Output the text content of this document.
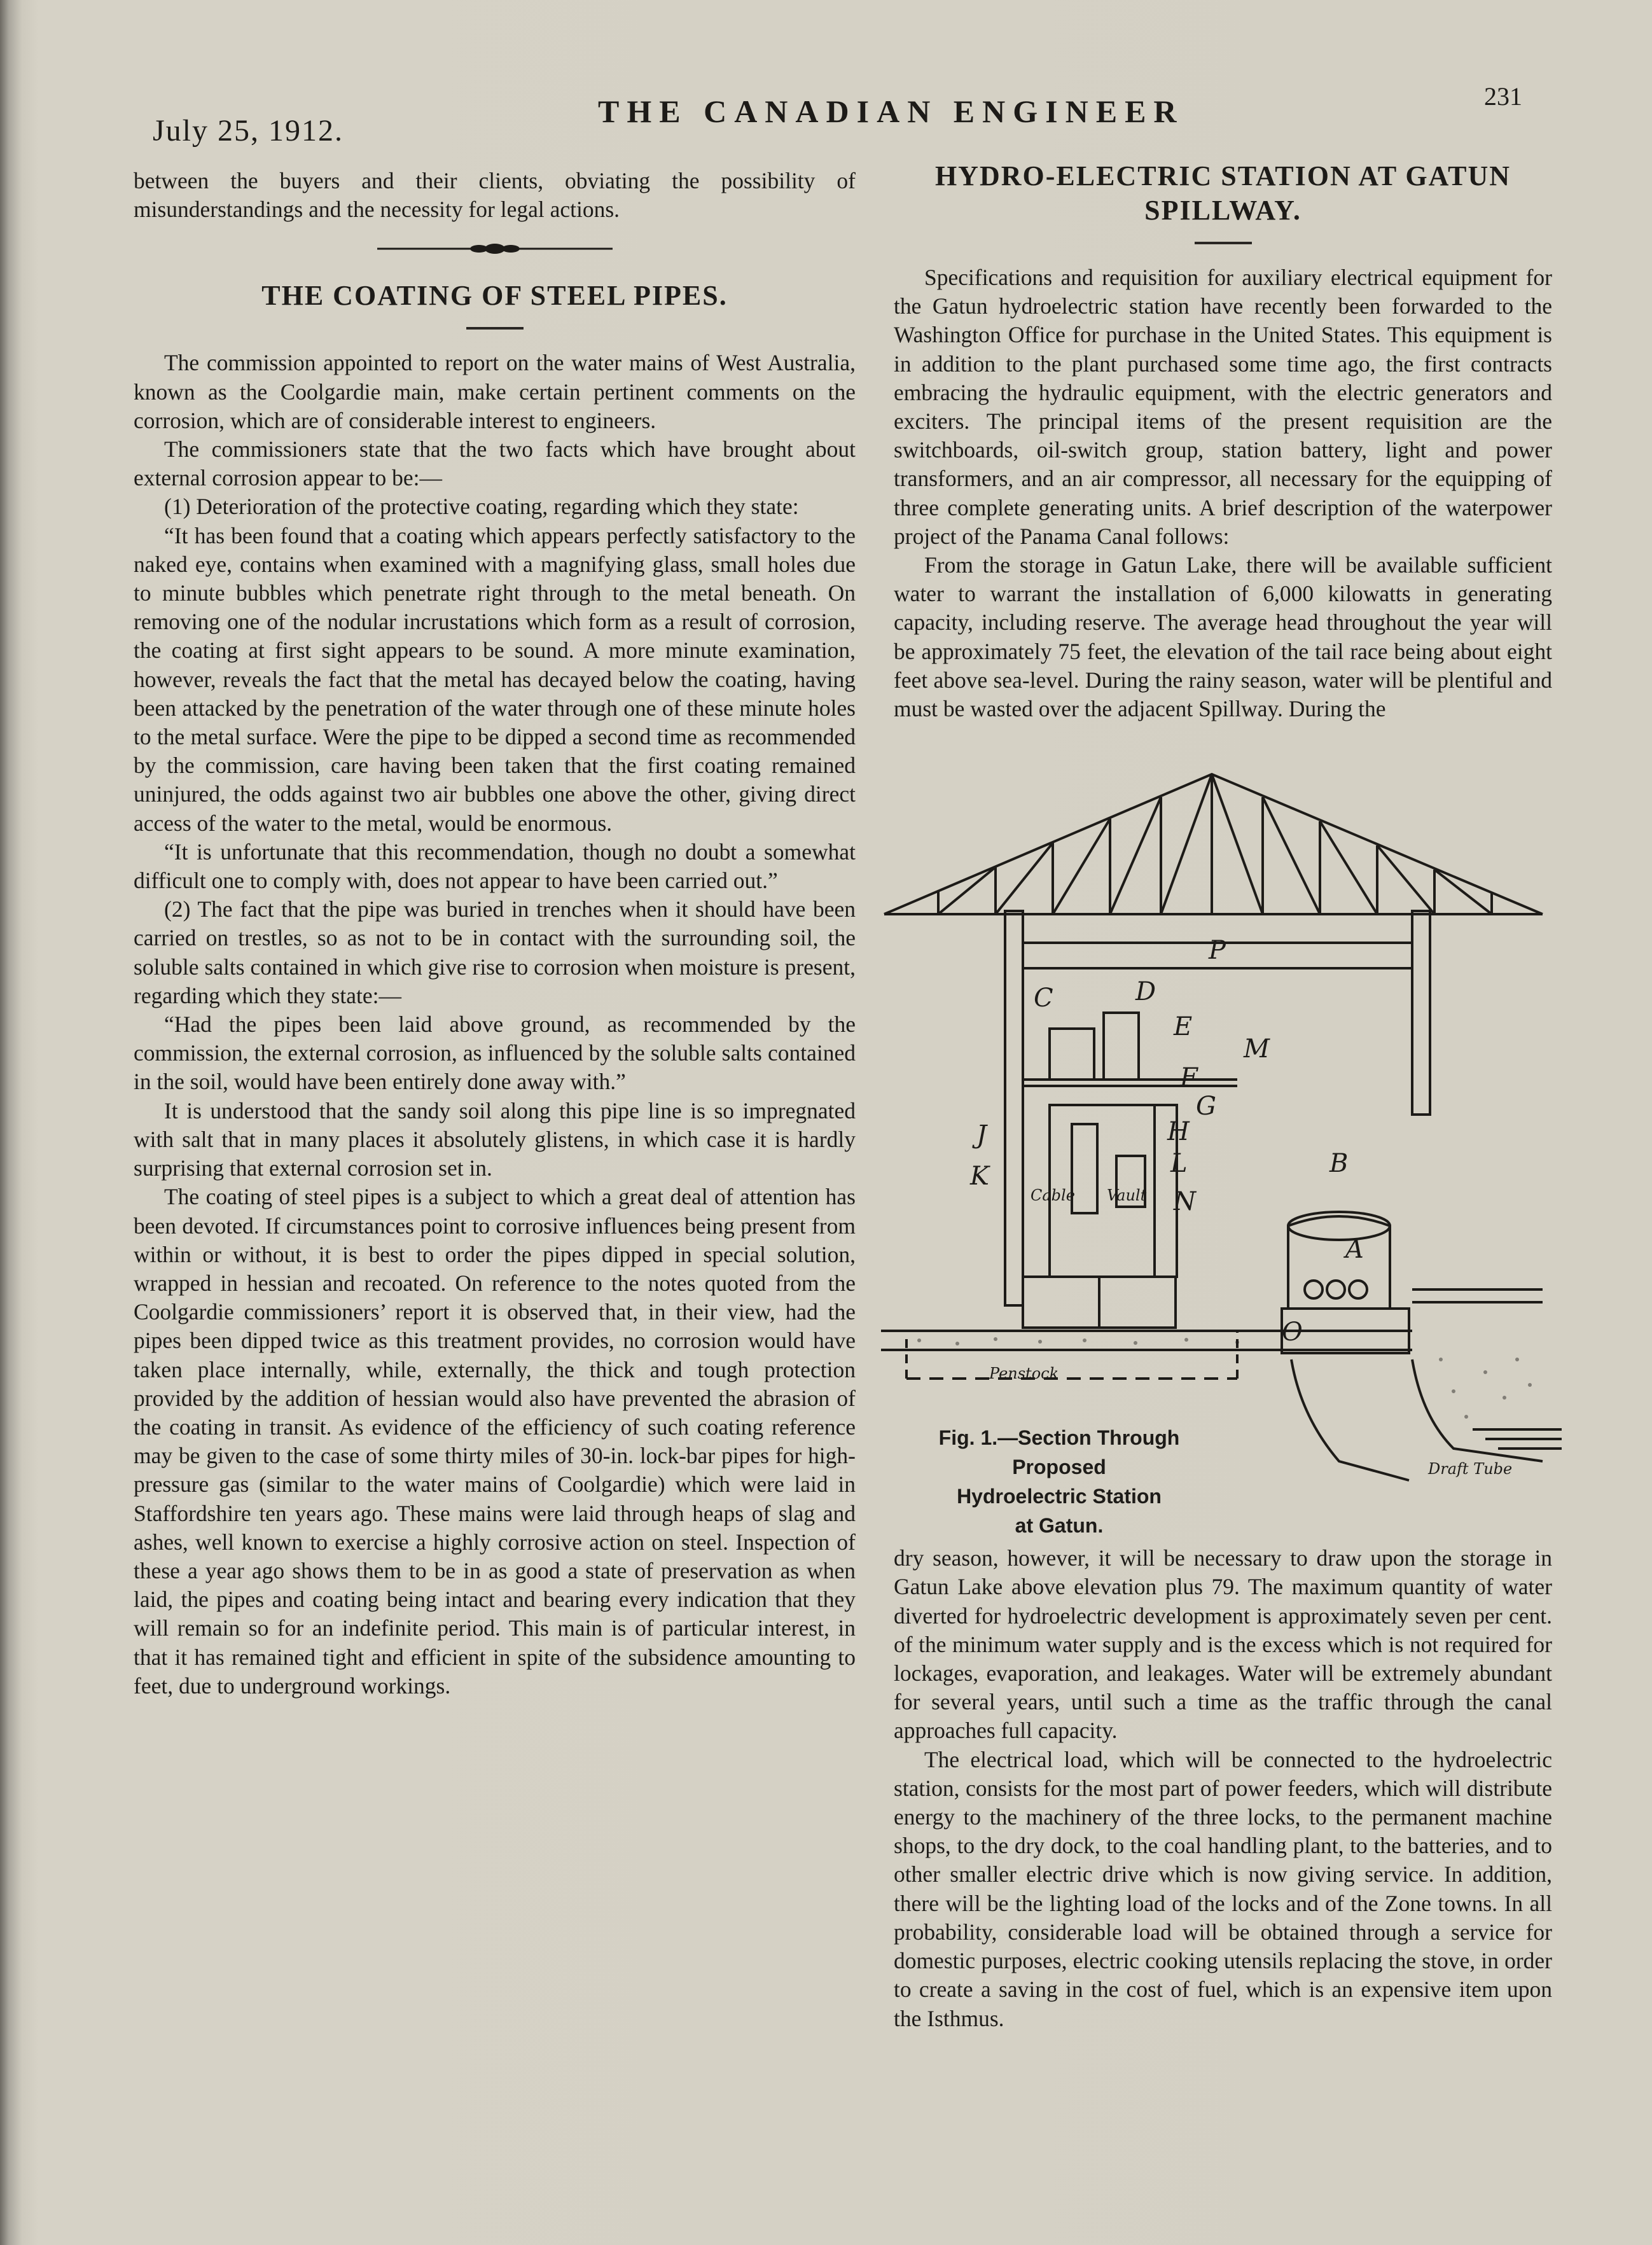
July 25, 1912.
THE CANADIAN ENGINEER	231

between the buyers and their clients, obviating the possibility of misunderstandings and the necessity for legal actions.

THE COATING OF STEEL PIPES.

The commission appointed to report on the water mains of West Australia, known as the Coolgardie main, make certain pertinent comments on the corrosion, which are of considerable interest to engineers.

The commissioners state that the two facts which have brought about external corrosion appear to be:—

(1) Deterioration of the protective coating, regarding which they state:

“It has been found that a coating which appears perfectly satisfactory to the naked eye, contains when examined with a magnifying glass, small holes due to minute bubbles which penetrate right through to the metal beneath. On removing one of the nodular incrustations which form as a result of corrosion, the coating at first sight appears to be sound. A more minute examination, however, reveals the fact that the metal has decayed below the coating, having been attacked by the penetration of the water through one of these minute holes to the metal surface. Were the pipe to be dipped a second time as recommended by the commission, care having been taken that the first coating remained uninjured, the odds against two air bubbles one above the other, giving direct access of the water to the metal, would be enormous.

“It is unfortunate that this recommendation, though no doubt a somewhat difficult one to comply with, does not appear to have been carried out.”

(2) The fact that the pipe was buried in trenches when it should have been carried on trestles, so as not to be in contact with the surrounding soil, the soluble salts contained in which give rise to corrosion when moisture is present, regarding which they state:—

“Had the pipes been laid above ground, as recommended by the commission, the external corrosion, as influenced by the soluble salts contained in the soil, would have been entirely done away with.”

It is understood that the sandy soil along this pipe line is so impregnated with salt that in many places it absolutely glistens, in which case it is hardly surprising that external corrosion set in.

The coating of steel pipes is a subject to which a great deal of attention has been devoted. If circumstances point to corrosive influences being present from within or without, it is best to order the pipes dipped in special solution, wrapped in hessian and recoated. On reference to the notes quoted from the Coolgardie commissioners’ report it is observed that, in their view, had the pipes been dipped twice as this treatment provides, no corrosion would have taken place internally, while, externally, the thick and tough protection provided by the addition of hessian would also have prevented the abrasion of the coating in transit. As evidence of the efficiency of such coating reference may be given to the case of some thirty miles of 30-in. lock-bar pipes for high-pressure gas (similar to the water mains of Coolgardie) which were laid in Staffordshire ten years ago. These mains were laid through heaps of slag and ashes, well known to exercise a highly corrosive action on steel. Inspection of these a year ago shows them to be in as good a state of preservation as when laid, the pipes and coating being intact and bearing every indication that they will remain so for an indefinite period. This main is of particular interest, in that it has remained tight and efficient in spite of the subsidence amounting to feet, due to underground workings.

HYDRO-ELECTRIC STATION AT GATUN SPILLWAY.

Specifications and requisition for auxiliary electrical equipment for the Gatun hydroelectric station have recently been forwarded to the Washington Office for purchase in the United States. This equipment is in addition to the plant purchased some time ago, the first contracts embracing the hydraulic equipment, with the electric generators and exciters. The principal items of the present requisition are the switchboards, oil-switch group, station battery, light and power transformers, and an air compressor, all necessary for the equipping of three complete generating units. A brief description of the waterpower project of the Panama Canal follows:

From the storage in Gatun Lake, there will be available sufficient water to warrant the installation of 6,000 kilowatts in generating capacity, including reserve. The average head throughout the year will be approximately 75 feet, the elevation of the tail race being about eight feet above sea-level. During the rainy season, water will be plentiful and must be wasted over the adjacent Spillway. During the

P
C	D
E
M
F
G
H
J
L
K
N
B
A
O
Cable Vault
Penstock
Draft Tube
Fig. 1.—Section Through Proposed
Hydroelectric Station
at Gatun.

dry season, however, it will be necessary to draw upon the storage in Gatun Lake above elevation plus 79. The maximum quantity of water diverted for hydroelectric development is approximately seven per cent. of the minimum water supply and is the excess which is not required for lockages, evaporation, and leakages. Water will be extremely abundant for several years, until such a time as the traffic through the canal approaches full capacity.

The electrical load, which will be connected to the hydroelectric station, consists for the most part of power feeders, which will distribute energy to the machinery of the three locks, to the permanent machine shops, to the dry dock, to the coal handling plant, to the batteries, and to other smaller electric drive which is now giving service. In addition, there will be the lighting load of the locks and of the Zone towns. In all probability, considerable load will be obtained through a service for domestic purposes, electric cooking utensils replacing the stove, in order to create a saving in the cost of fuel, which is an expensive item upon the Isthmus.
